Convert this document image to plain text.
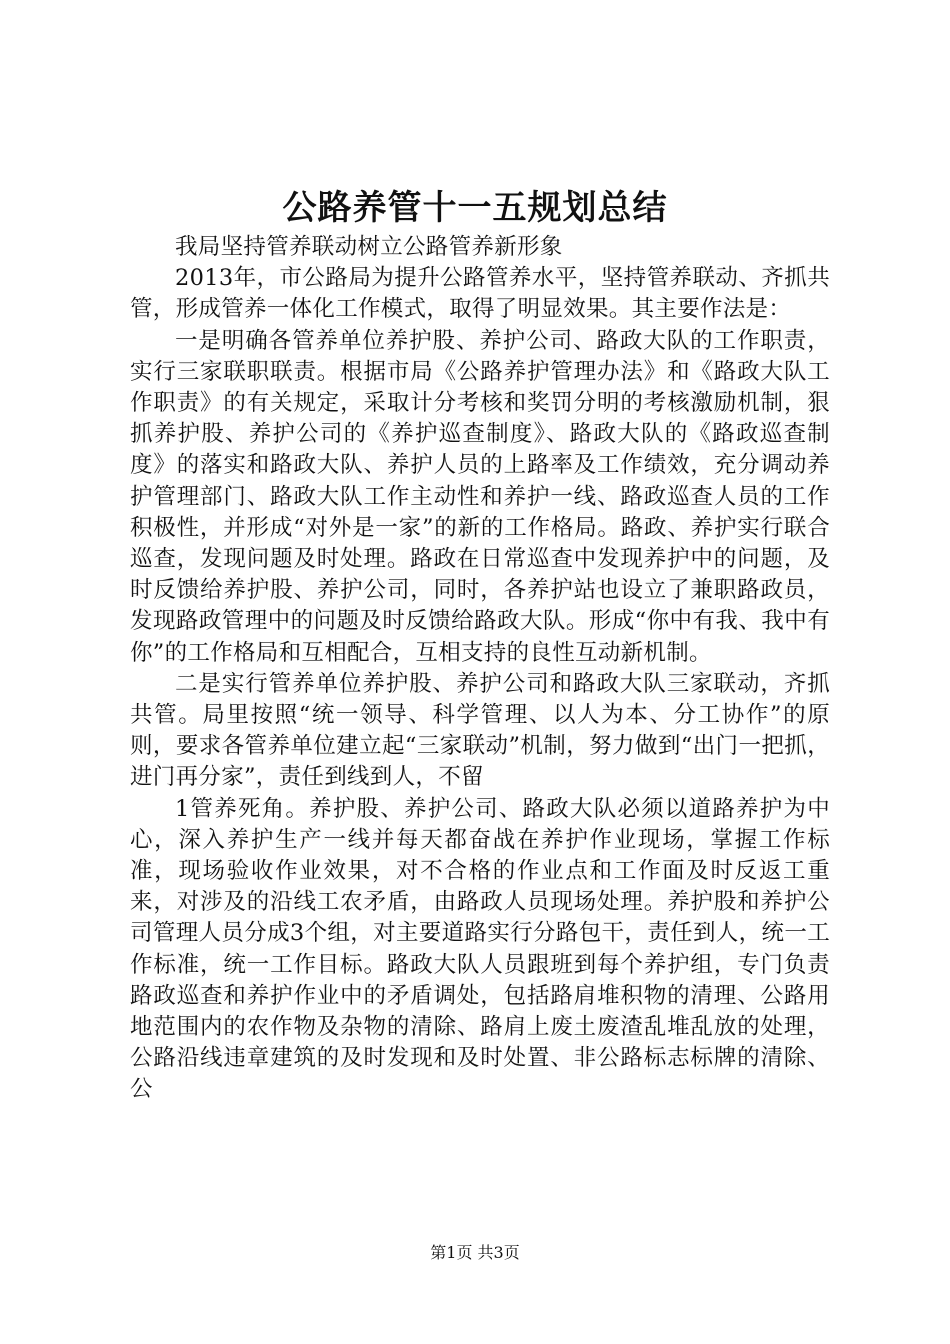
公路养管十一五规划总结

我局坚持管养联动树立公路管养新形象

2013年，市公路局为提升公路管养水平，坚持管养联动、齐抓共管，形成管养一体化工作模式，取得了明显效果。其主要作法是：

一是明确各管养单位养护股、养护公司、路政大队的工作职责，实行三家联职联责。根据市局《公路养护管理办法》和《路政大队工作职责》的有关规定，采取计分考核和奖罚分明的考核激励机制，狠抓养护股、养护公司的《养护巡查制度》、路政大队的《路政巡查制度》的落实和路政大队、养护人员的上路率及工作绩效，充分调动养护管理部门、路政大队工作主动性和养护一线、路政巡查人员的工作积极性，并形成“对外是一家”的新的工作格局。路政、养护实行联合巡查，发现问题及时处理。路政在日常巡查中发现养护中的问题，及时反馈给养护股、养护公司，同时，各养护站也设立了兼职路政员，发现路政管理中的问题及时反馈给路政大队。形成“你中有我、我中有你”的工作格局和互相配合，互相支持的良性互动新机制。

二是实行管养单位养护股、养护公司和路政大队三家联动，齐抓共管。局里按照“统一领导、科学管理、以人为本、分工协作”的原则，要求各管养单位建立起“三家联动”机制，努力做到“出门一把抓，进门再分家”，责任到线到人，不留

1管养死角。养护股、养护公司、路政大队必须以道路养护为中心，深入养护生产一线并每天都奋战在养护作业现场，掌握工作标准，现场验收作业效果，对不合格的作业点和工作面及时反返工重来，对涉及的沿线工农矛盾，由路政人员现场处理。养护股和养护公司管理人员分成3个组，对主要道路实行分路包干，责任到人，统一工作标准，统一工作目标。路政大队人员跟班到每个养护组，专门负责路政巡查和养护作业中的矛盾调处，包括路肩堆积物的清理、公路用地范围内的农作物及杂物的清除、路肩上废土废渣乱堆乱放的处理，公路沿线违章建筑的及时发现和及时处置、非公路标志标牌的清除、公

第1页 共3页
